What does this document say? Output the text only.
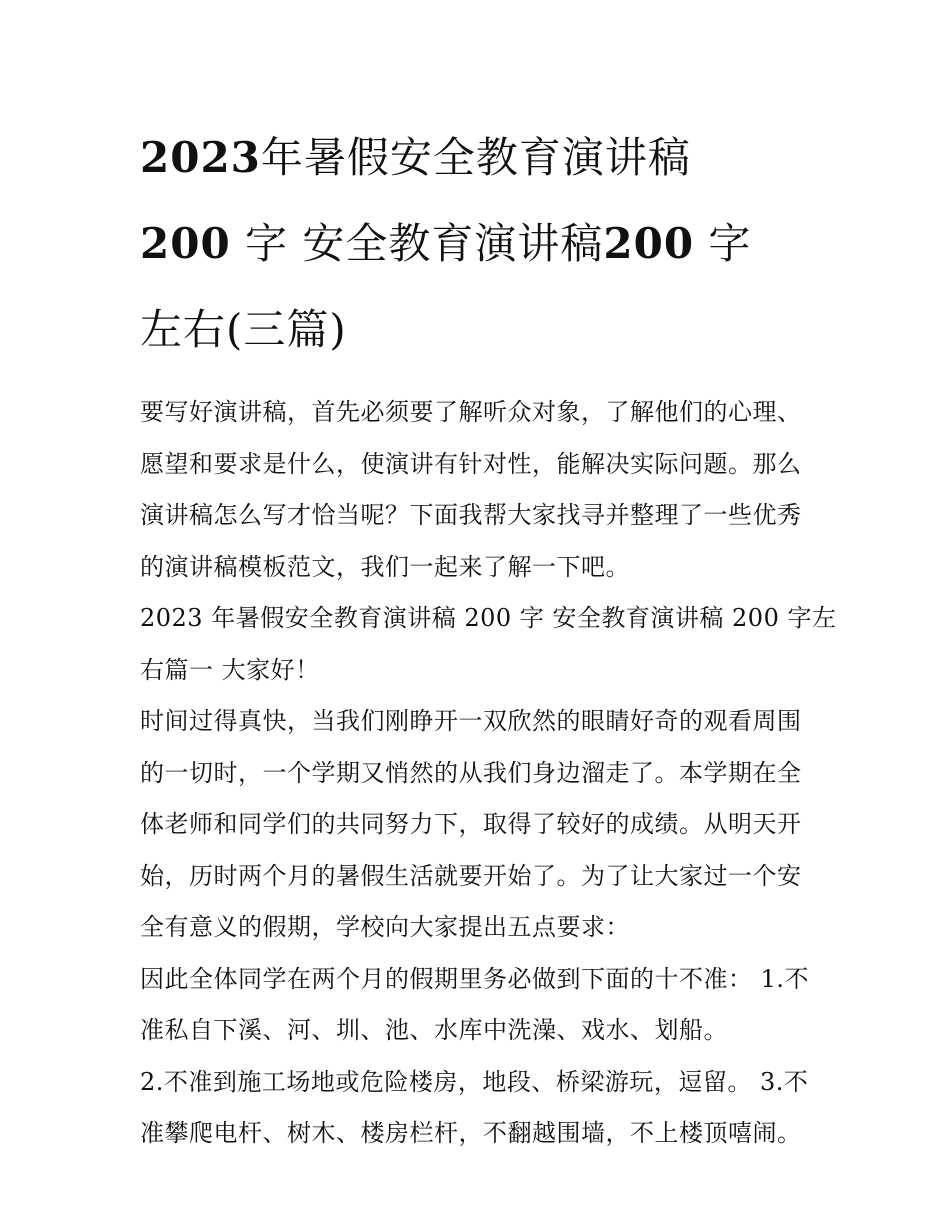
2023年暑假安全教育演讲稿
200 字 安全教育演讲稿200 字
左右(三篇)

要写好演讲稿，首先必须要了解听众对象，了解他们的心理、
愿望和要求是什么，使演讲有针对性，能解决实际问题。那么
演讲稿怎么写才恰当呢？下面我帮大家找寻并整理了一些优秀
的演讲稿模板范文，我们一起来了解一下吧。

2023 年暑假安全教育演讲稿 200 字 安全教育演讲稿 200 字左
右篇一 大家好！

时间过得真快，当我们刚睁开一双欣然的眼睛好奇的观看周围
的一切时，一个学期又悄然的从我们身边溜走了。本学期在全
体老师和同学们的共同努力下，取得了较好的成绩。从明天开
始，历时两个月的暑假生活就要开始了。为了让大家过一个安
全有意义的假期，学校向大家提出五点要求：

因此全体同学在两个月的假期里务必做到下面的十不准： 1.不
准私自下溪、河、圳、池、水库中洗澡、戏水、划船。

2.不准到施工场地或危险楼房，地段、桥梁游玩，逗留。 3.不
准攀爬电杆、树木、楼房栏杆，不翻越围墙，不上楼顶嘻闹。
